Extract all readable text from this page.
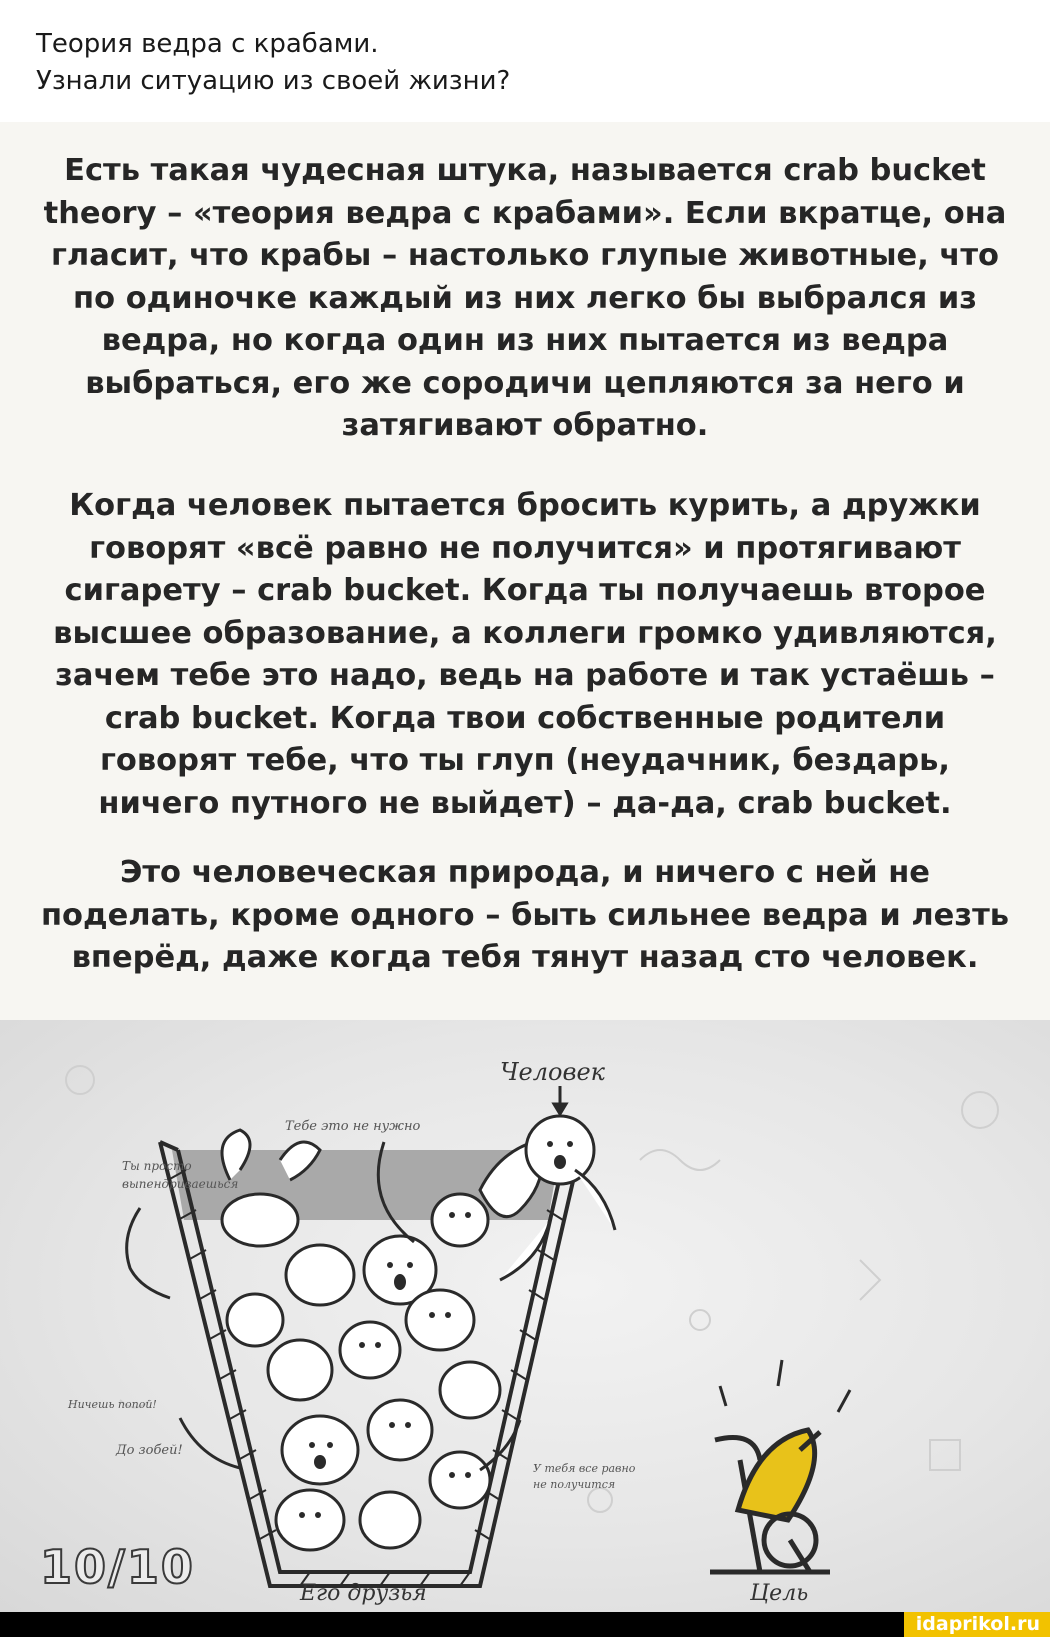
Теория ведра с крабами.

Узнали ситуацию из своей жизни?

Есть такая чудесная штука, называется crab bucket
theory – «теория ведра с крабами». Если вкратце, она
гласит, что крабы – настолько глупые животные, что
по одиночке каждый из них легко бы выбрался из
ведра, но когда один из них пытается из ведра
выбраться, его же сородичи цепляются за него и
затягивают обратно.
Когда человек пытается бросить курить, а дружки
говорят «всё равно не получится» и протягивают
сигарету – crab bucket. Когда ты получаешь второе
высшее образование, а коллеги громко удивляются,
зачем тебе это надо, ведь на работе и так устаёшь –
crab bucket. Когда твои собственные родители
говорят тебе, что ты глуп (неудачник, бездарь,
ничего путного не выйдет) – да-да, crab bucket.
Это человеческая природа, и ничего с ней не
поделать, кроме одного – быть сильнее ведра и лезть
вперёд, даже когда тебя тянут назад сто человек.
Человек
Тебе это не нужно
Ты просто
выпендриваешься
Ничешь попой!
До зобей!
У тебя все равно
не получится
Его друзья	Цель
10/10
idaprikol.ru
